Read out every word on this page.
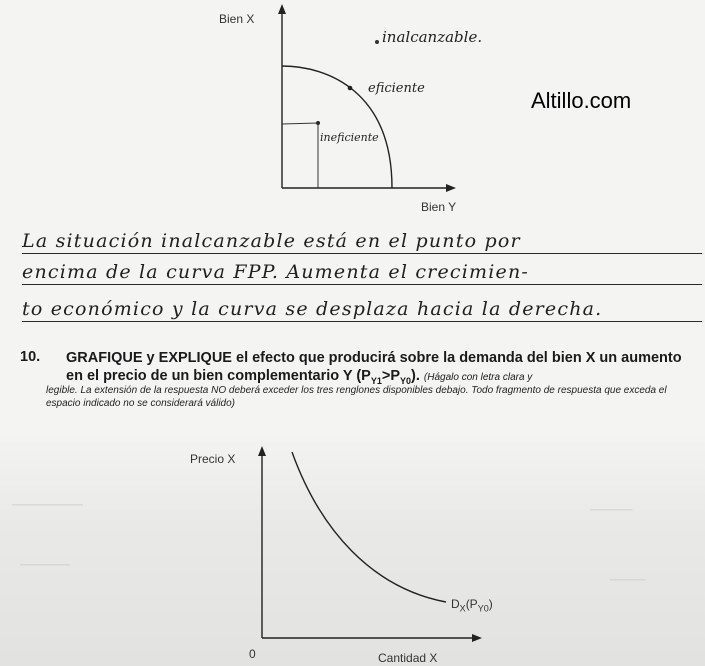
──────────	──────
───────
─────
Bien X
Bien Y
inalcanzable.
eficiente
ineficiente
Altillo.com
La situación inalcanzable está en el punto por
encima de la curva FPP. Aumenta el crecimien-
to económico y la curva se desplaza hacia la derecha.
10. GRAFIQUE y EXPLIQUE el efecto que producirá sobre la demanda del bien X un aumento en el precio de un bien complementario Y $(P_{Y1}>P_{Y0})$. (Hágalo con letra clara y
legible. La extensión de la respuesta NO deberá exceder los tres renglones disponibles debajo. Todo fragmento de respuesta que exceda el espacio indicado no se considerará válido)
Precio X
Cantidad X
0
$D_X(P_{Y0})$
